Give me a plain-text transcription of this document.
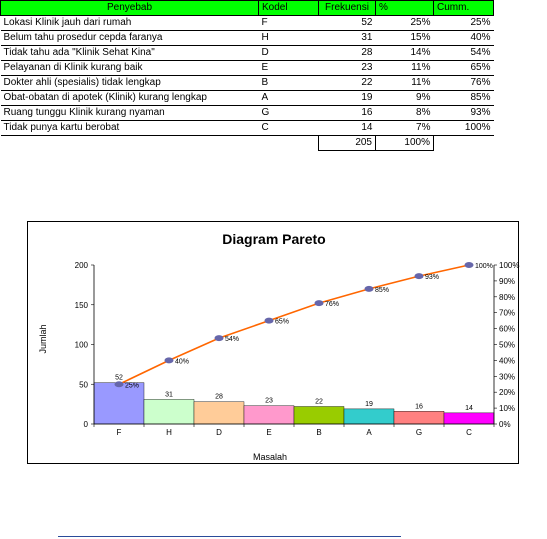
Penyebab	Kodel	Frekuensi	%	Cumm.
Lokasi Klinik jauh dari rumah	F	52	25%	25%
Belum tahu prosedur cepda faranya	H	31	15%	40%
Tidak tahu ada "Klinik Sehat Kina"	D	28	14%	54%
Pelayanan di Klinik kurang baik	E	23	11%	65%
Dokter ahli (spesialis) tidak lengkap	B	22	11%	76%
Obat-obatan di apotek (Klinik) kurang lengkap	A	19	9%	85%
Ruang tunggu Klinik kurang nyaman	G	16	8%	93%
Tidak punya kartu berobat	C	14	7%	100%
		205	100%	
Diagram Pareto
Masalah
Jumlah
52
F
31
H
28
D
23
E
22
B
19
A
16
G
14
C
0
50
100
150
200
0%
10%
20%
30%
40%
50%
60%
70%
80%
90%
100%
25%
40%
54%
65%
76%
85%
93%
100%
